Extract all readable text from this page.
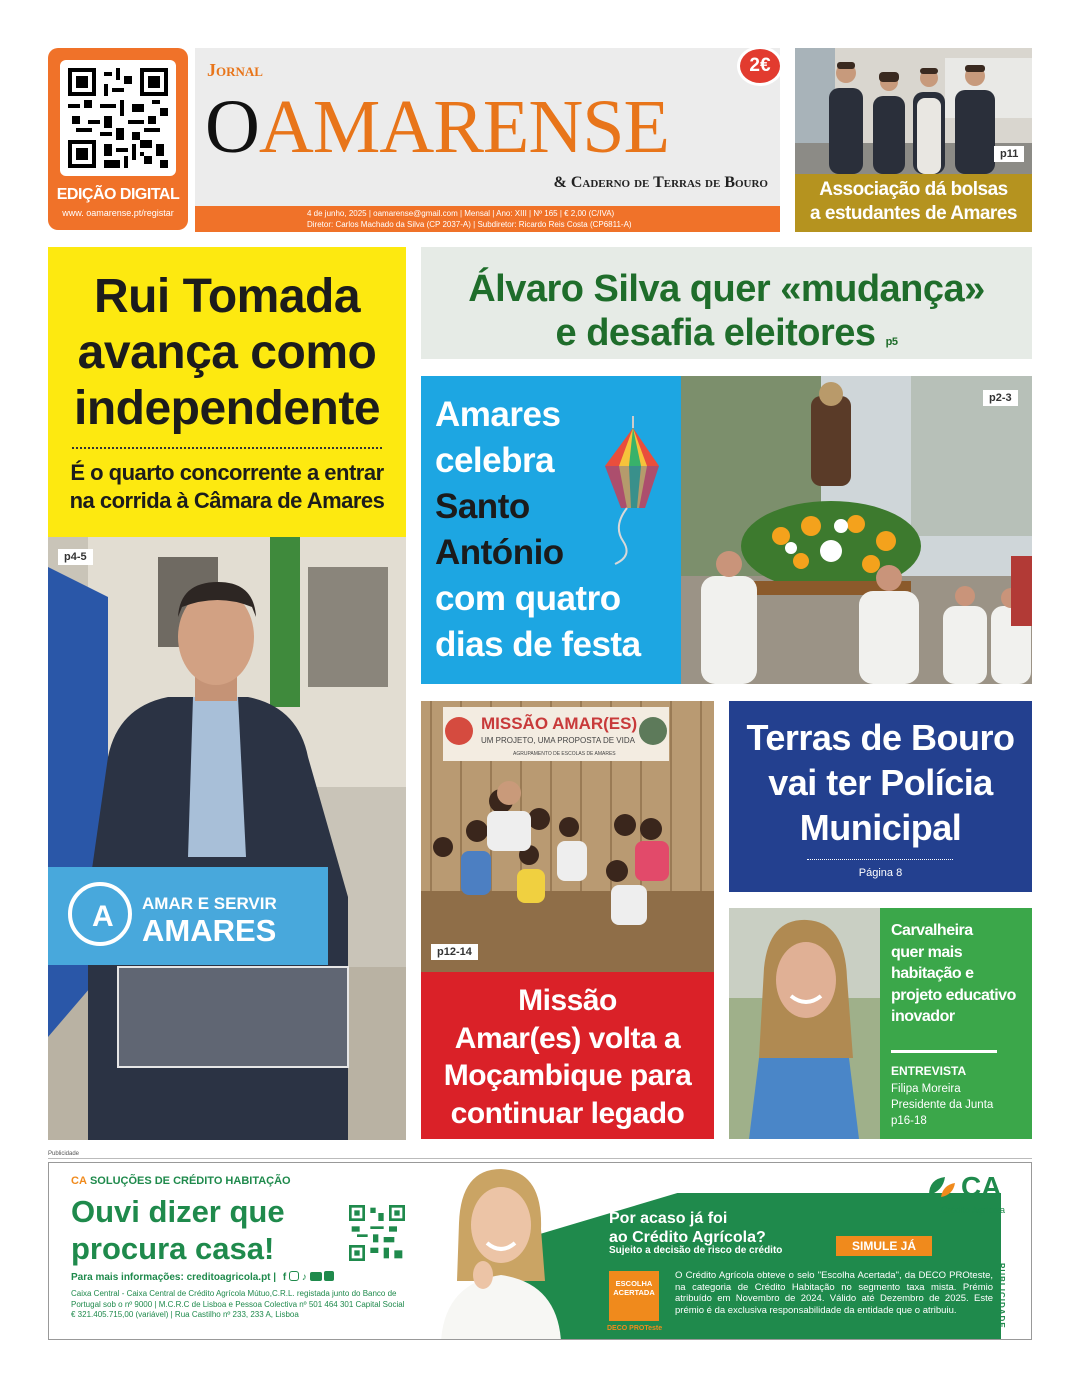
EDIÇÃO DIGITAL
www. oamarense.pt/registar
Jornal
OAMARENSE
& Caderno de Terras de Bouro
2€
4 de junho, 2025 | oamarense@gmail.com | Mensal | Ano: XIII | Nº 165 | € 2,00 (C/IVA)
Diretor: Carlos Machado da Silva (CP 2037-A) | Subdiretor: Ricardo Reis Costa (CP6811-A)
p11
Associação dá bolsas
a estudantes de Amares
Rui Tomada
avança como
independente
É o quarto concorrente a entrar
na corrida à Câmara de Amares
A AMAR E SERVIR
AMARES
p4-5
Álvaro Silva quer «mudança»
e desafia eleitores p5
Amares
celebra
Santo
António
com quatro
dias de festa
p2-3
MISSÃO AMAR(ES)
UM PROJETO, UMA PROPOSTA DE VIDA
AGRUPAMENTO DE ESCOLAS DE AMARES
p12-14
Missão
Amar(es) volta a
Moçambique para
continuar legado
Terras de Bouro
vai ter Polícia
Municipal
Página 8
Carvalheira
quer mais
habitação e
projeto educativo
inovador
ENTREVISTA
Filipa Moreira
Presidente da Junta
p16-18
Publicidade
CA SOLUÇÕES DE CRÉDITO HABITAÇÃO
Ouvi dizer que
procura casa!
Para mais informações: creditoagricola.pt | f ♪
Caixa Central - Caixa Central de Crédito Agrícola Mútuo,C.R.L. registada junto do Banco de Portugal sob o nº 9000 | M.C.R.C de Lisboa e Pessoa Colectiva nº 501 464 301 Capital Social € 321.405.715,00 (variável) | Rua Castilho nº 233, 233 A, Lisboa
Por acaso já foi
ao Crédito Agrícola?
Sujeito a decisão de risco de crédito	SIMULE JÁ
ESCOLHA
ACERTADA
DECO PROTeste
O Crédito Agrícola obteve o selo "Escolha Acertada", da DECO PROteste, na categoria de Crédito Habitação no segmento taxa mista. Prémio atribuído em Novembro de 2024. Válido até Dezembro de 2025. Este prémio é da exclusiva responsabilidade da entidade que o atribuiu.
CA
Crédito Agrícola
PUBLICIDADE
